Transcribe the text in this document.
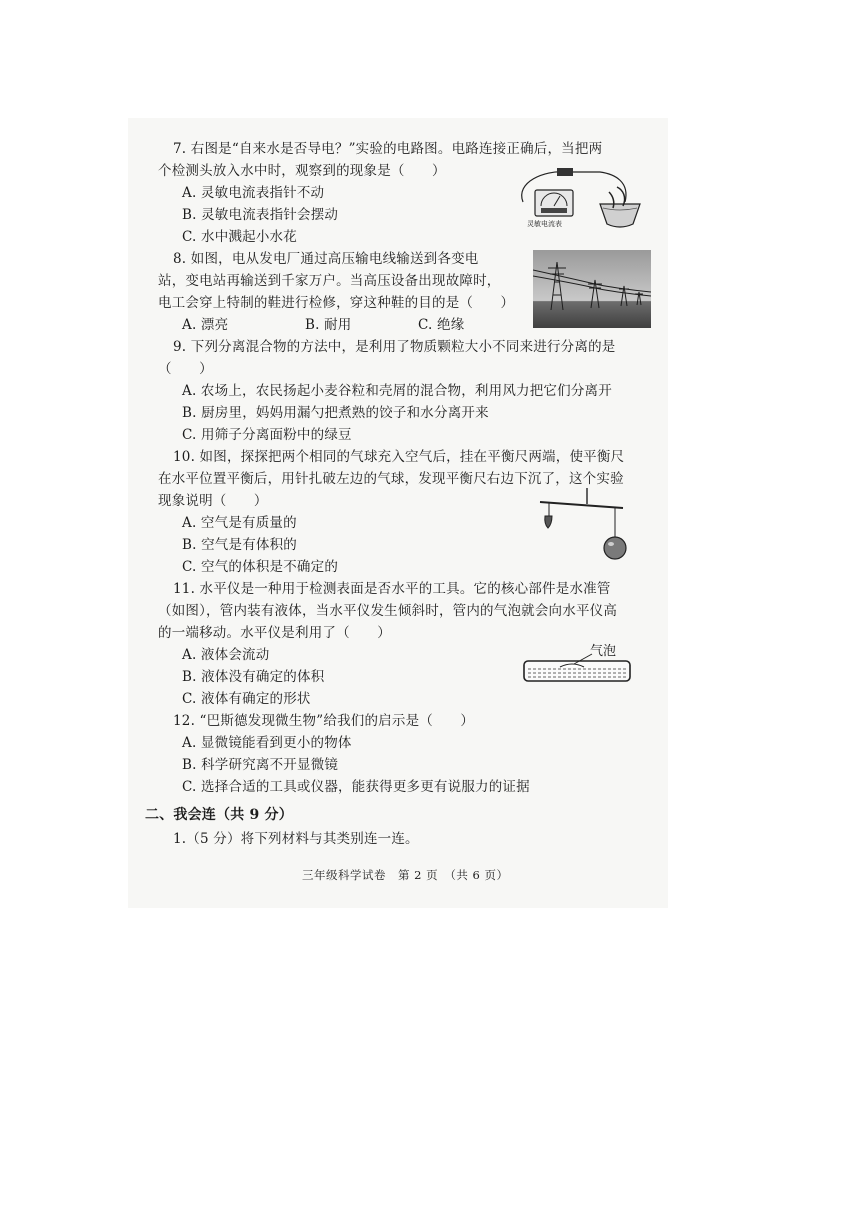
7. 右图是“自来水是否导电？”实验的电路图。电路连接正确后，当把两
个检测头放入水中时，观察到的现象是（　　）
A. 灵敏电流表指针不动
B. 灵敏电流表指针会摆动
C. 水中溅起小水花
灵敏电流表
8. 如图，电从发电厂通过高压输电线输送到各变电
站，变电站再输送到千家万户。当高压设备出现故障时，
电工会穿上特制的鞋进行检修，穿这种鞋的目的是（　　）
A. 漂亮	B. 耐用	C. 绝缘
9. 下列分离混合物的方法中，是利用了物质颗粒大小不同来进行分离的是
（　　）
A. 农场上，农民扬起小麦谷粒和壳屑的混合物，利用风力把它们分离开
B. 厨房里，妈妈用漏勺把煮熟的饺子和水分离开来
C. 用筛子分离面粉中的绿豆
10. 如图，探探把两个相同的气球充入空气后，挂在平衡尺两端，使平衡尺
在水平位置平衡后，用针扎破左边的气球，发现平衡尺右边下沉了，这个实验
现象说明（　　）
A. 空气是有质量的
B. 空气是有体积的
C. 空气的体积是不确定的
11. 水平仪是一种用于检测表面是否水平的工具。它的核心部件是水准管
（如图），管内装有液体，当水平仪发生倾斜时，管内的气泡就会向水平仪高
的一端移动。水平仪是利用了（　　）
A. 液体会流动
B. 液体没有确定的体积
C. 液体有确定的形状
气泡
12. “巴斯德发现微生物”给我们的启示是（　　）
A. 显微镜能看到更小的物体
B. 科学研究离不开显微镜
C. 选择合适的工具或仪器，能获得更多更有说服力的证据
二、我会连（共 9 分）
1.（5 分）将下列材料与其类别连一连。
三年级科学试卷　第 2 页　（共 6 页）
